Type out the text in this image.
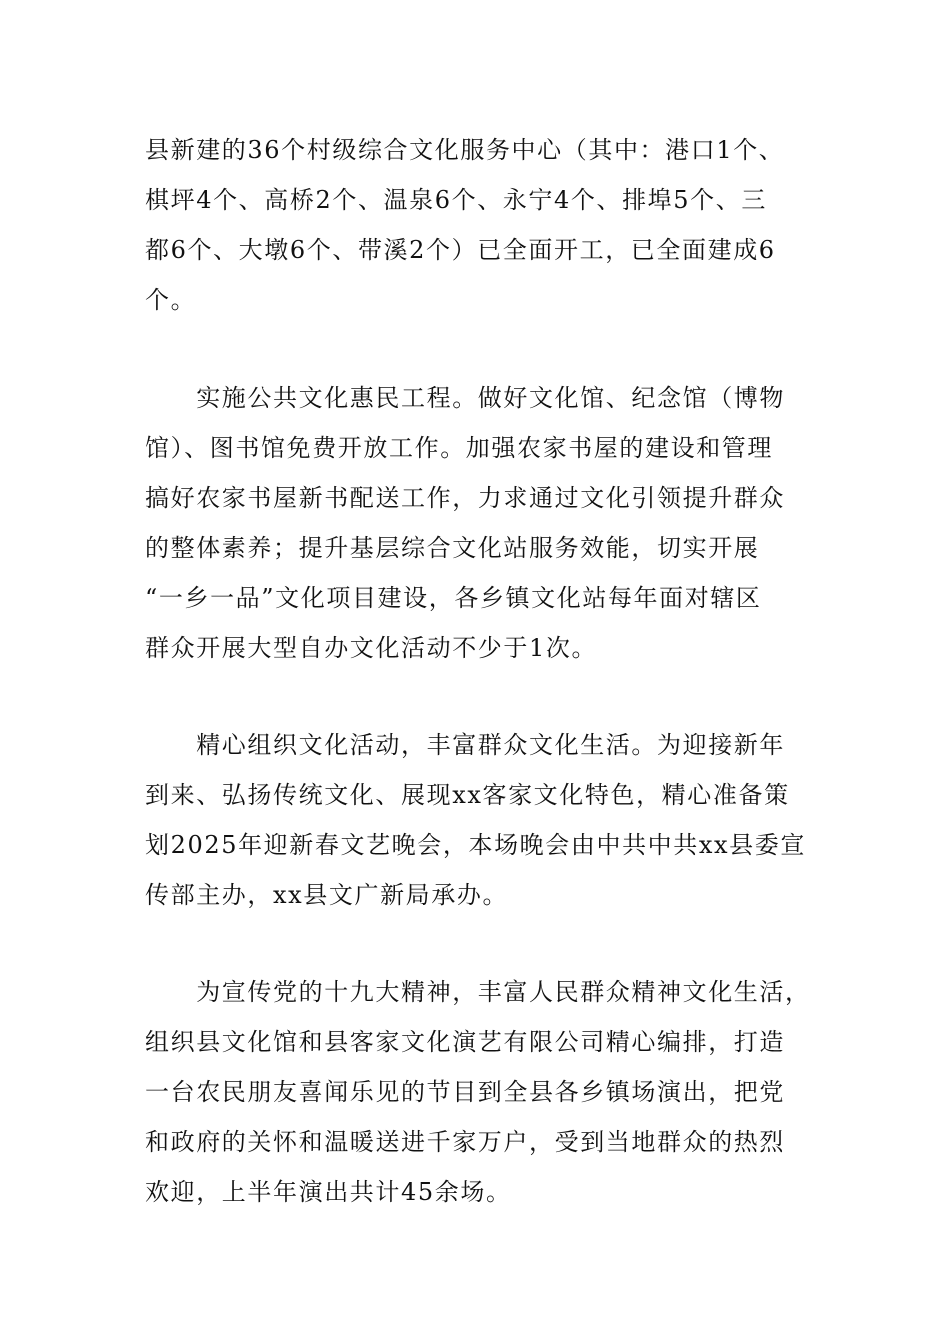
县新建的36个村级综合文化服务中心（其中：港口1个、
棋坪4个、高桥2个、温泉6个、永宁4个、排埠5个、三
都6个、大墩6个、带溪2个）已全面开工，已全面建成6
个。
　　实施公共文化惠民工程。做好文化馆、纪念馆（博物
馆）、图书馆免费开放工作。加强农家书屋的建设和管理
搞好农家书屋新书配送工作，力求通过文化引领提升群众
的整体素养；提升基层综合文化站服务效能，切实开展
“一乡一品”文化项目建设，各乡镇文化站每年面对辖区
群众开展大型自办文化活动不少于1次。
　　精心组织文化活动，丰富群众文化生活。为迎接新年
到来、弘扬传统文化、展现xx客家文化特色，精心准备策
划2025年迎新春文艺晚会，本场晚会由中共中共xx县委宣
传部主办，xx县文广新局承办。
　　为宣传党的十九大精神，丰富人民群众精神文化生活，
组织县文化馆和县客家文化演艺有限公司精心编排，打造
一台农民朋友喜闻乐见的节目到全县各乡镇场演出，把党
和政府的关怀和温暖送进千家万户，受到当地群众的热烈
欢迎，上半年演出共计45余场。
